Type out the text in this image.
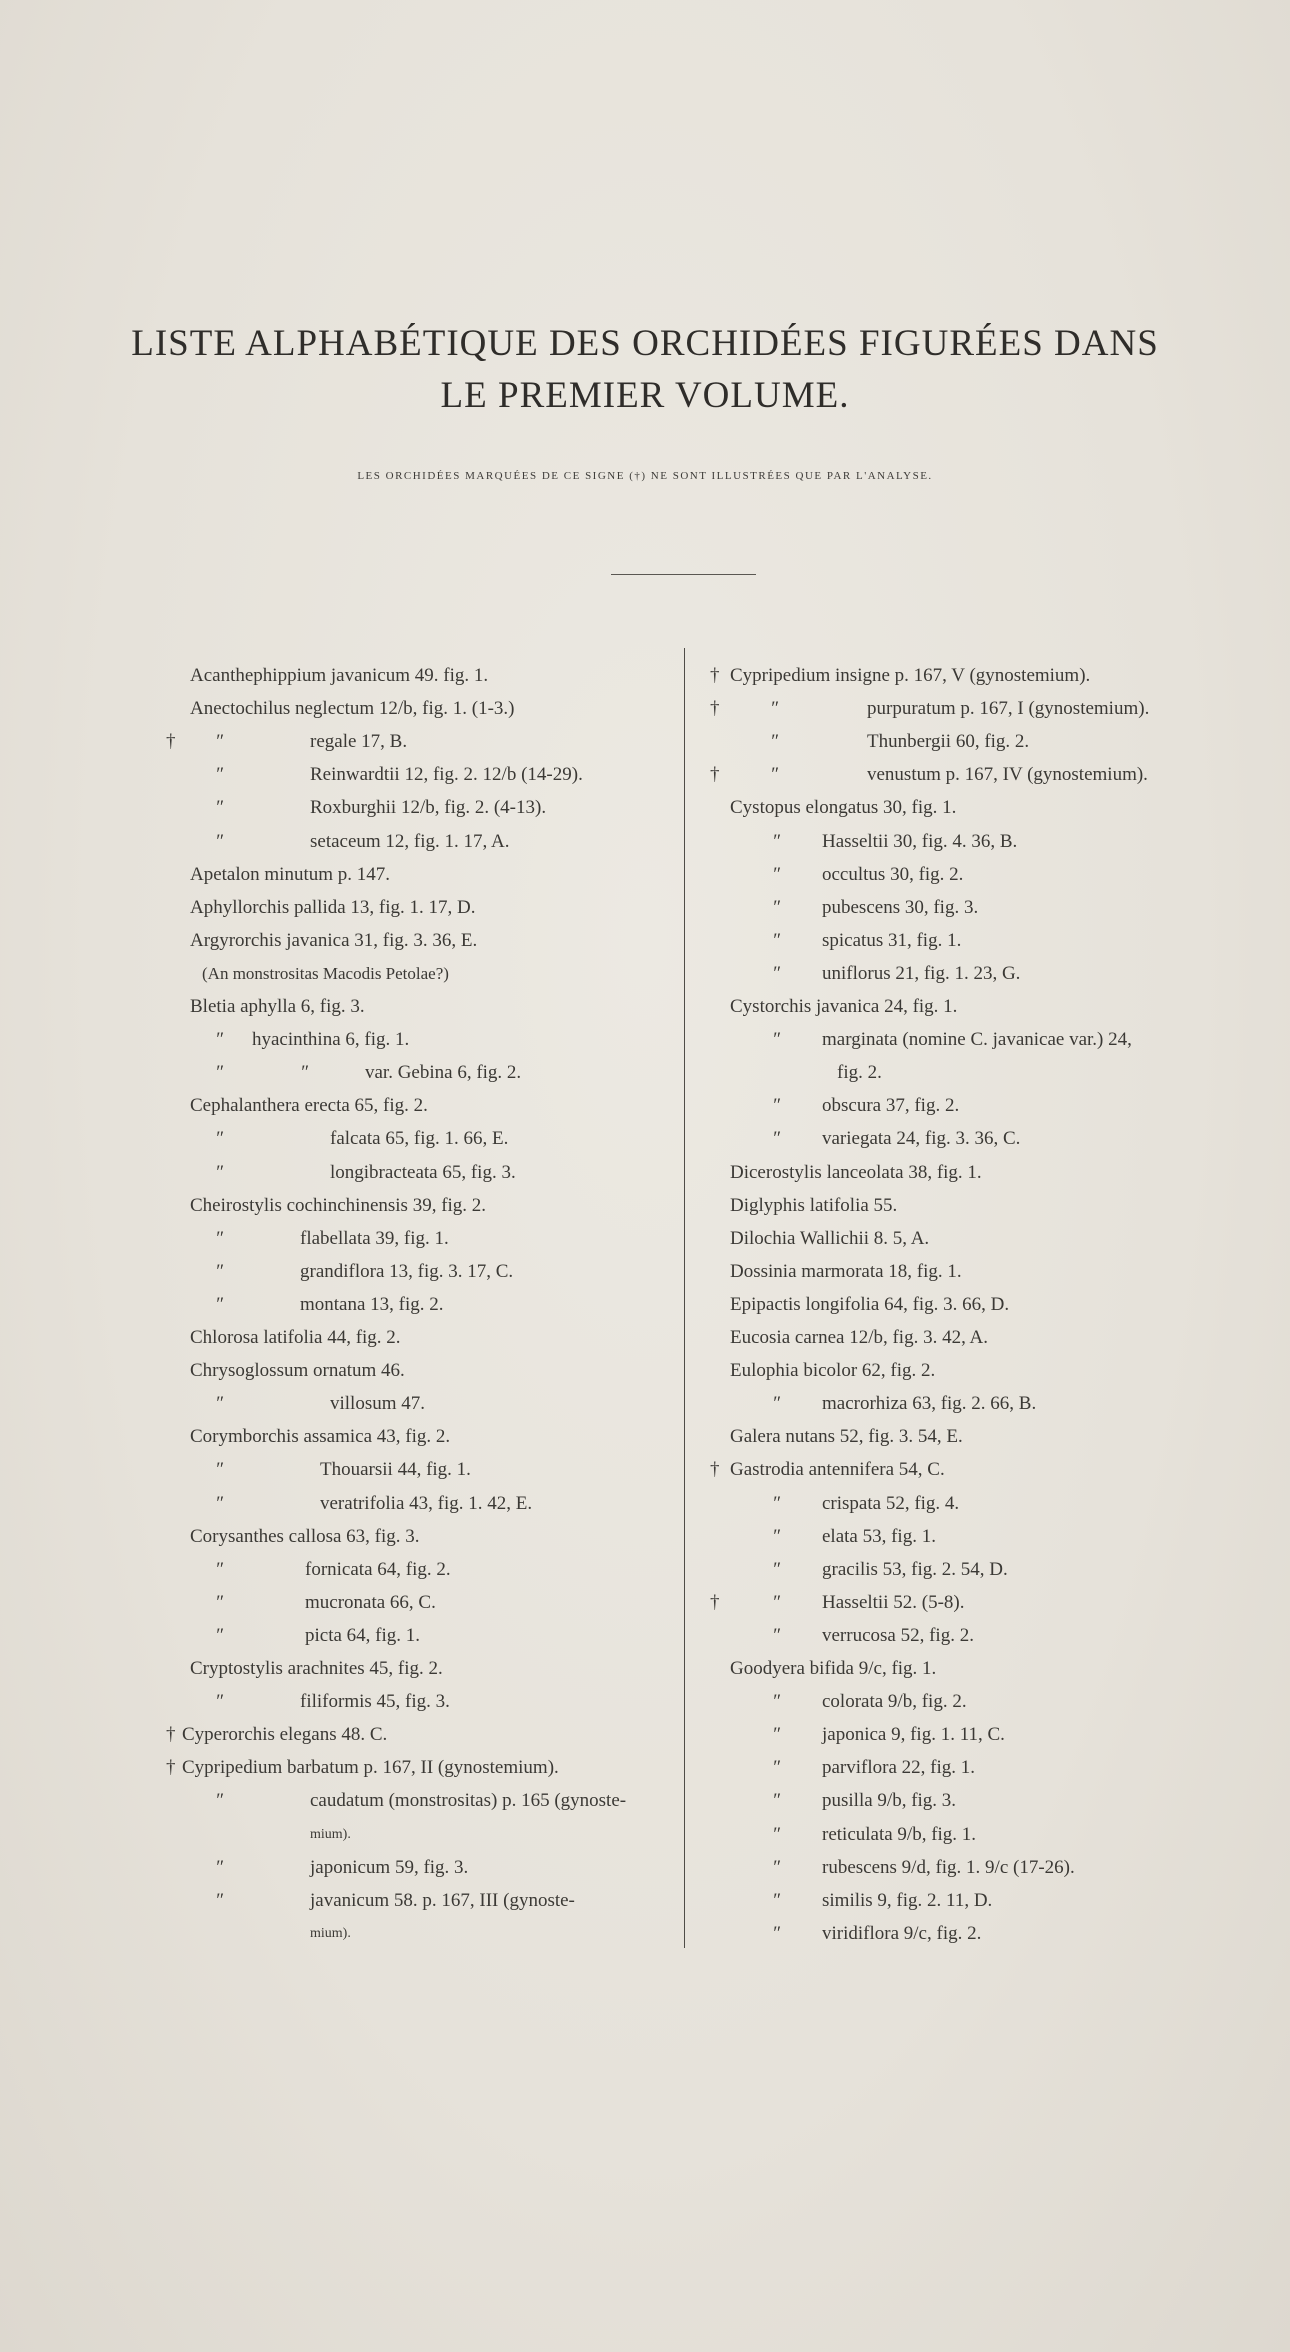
LISTE ALPHABÉTIQUE DES ORCHIDÉES FIGURÉES DANS
LE PREMIER VOLUME.
LES ORCHIDÉES MARQUÉES DE CE SIGNE (†) NE SONT ILLUSTRÉES QUE PAR L'ANALYSE.
Acanthephippium javanicum 49. fig. 1.
Anectochilus neglectum 12/b, fig. 1. (1-3.)
† ″	regale 17, B.
″	Reinwardtii 12, fig. 2. 12/b (14-29).
″	Roxburghii 12/b, fig. 2. (4-13).
″	setaceum 12, fig. 1. 17, A.
Apetalon minutum p. 147.
Aphyllorchis pallida 13, fig. 1. 17, D.
Argyrorchis javanica 31, fig. 3. 36, E.
(An monstrositas Macodis Petolae?)
Bletia aphylla 6, fig. 3.
″ hyacinthina 6, fig. 1.
″	″	var. Gebina 6, fig. 2.
Cephalanthera erecta 65, fig. 2.
″	falcata 65, fig. 1. 66, E.
″	longibracteata 65, fig. 3.
Cheirostylis cochinchinensis 39, fig. 2.
″	flabellata 39, fig. 1.
″	grandiflora 13, fig. 3. 17, C.
″	montana 13, fig. 2.
Chlorosa latifolia 44, fig. 2.
Chrysoglossum ornatum 46.
″	villosum 47.
Corymborchis assamica 43, fig. 2.
″	Thouarsii 44, fig. 1.
″	veratrifolia 43, fig. 1. 42, E.
Corysanthes callosa 63, fig. 3.
″	fornicata 64, fig. 2.
″	mucronata 66, C.
″	picta 64, fig. 1.
Cryptostylis arachnites 45, fig. 2.
″	filiformis 45, fig. 3.
† Cyperorchis elegans 48. C.
† Cypripedium barbatum p. 167, II (gynostemium).
″	caudatum (monstrositas) p. 165 (gynoste-
mium).
″	japonicum 59, fig. 3.
″	javanicum 58. p. 167, III (gynoste-
mium).
† Cypripedium insigne p. 167, V (gynostemium).
†	″	purpuratum p. 167, I (gynostemium).
″	Thunbergii 60, fig. 2.
†	″	venustum p. 167, IV (gynostemium).
Cystopus elongatus 30, fig. 1.
″ Hasseltii 30, fig. 4. 36, B.
″ occultus 30, fig. 2.
″ pubescens 30, fig. 3.
″ spicatus 31, fig. 1.
″ uniflorus 21, fig. 1. 23, G.
Cystorchis javanica 24, fig. 1.
″ marginata (nomine C. javanicae var.) 24,
fig. 2.
″ obscura 37, fig. 2.
″ variegata 24, fig. 3. 36, C.
Dicerostylis lanceolata 38, fig. 1.
Diglyphis latifolia 55.
Dilochia Wallichii 8. 5, A.
Dossinia marmorata 18, fig. 1.
Epipactis longifolia 64, fig. 3. 66, D.
Eucosia carnea 12/b, fig. 3. 42, A.
Eulophia bicolor 62, fig. 2.
″ macrorhiza 63, fig. 2. 66, B.
Galera nutans 52, fig. 3. 54, E.
† Gastrodia antennifera 54, C.
″ crispata 52, fig. 4.
″ elata 53, fig. 1.
″ gracilis 53, fig. 2. 54, D.
†	″ Hasseltii 52. (5-8).
″ verrucosa 52, fig. 2.
Goodyera bifida 9/c, fig. 1.
″ colorata 9/b, fig. 2.
″ japonica 9, fig. 1. 11, C.
″ parviflora 22, fig. 1.
″ pusilla 9/b, fig. 3.
″ reticulata 9/b, fig. 1.
″ rubescens 9/d, fig. 1. 9/c (17-26).
″ similis 9, fig. 2. 11, D.
″ viridiflora 9/c, fig. 2.
